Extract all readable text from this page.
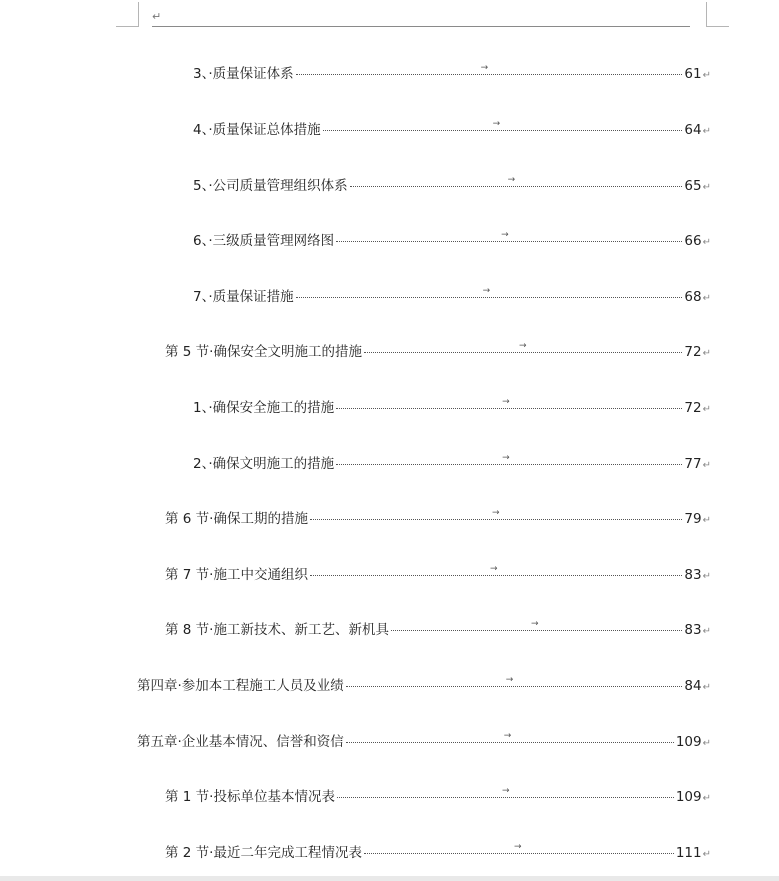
↵
3、·质量保证体系	→	61 ↵
4、·质量保证总体措施	→	64 ↵
5、·公司质量管理组织体系	→	65 ↵
6、·三级质量管理网络图	→	66 ↵
7、·质量保证措施	→	68 ↵
第 5 节·确保安全文明施工的措施	→	72 ↵
1、·确保安全施工的措施	→	72 ↵
2、·确保文明施工的措施	→	77 ↵
第 6 节·确保工期的措施	→	79 ↵
第 7 节·施工中交通组织	→	83 ↵
第 8 节·施工新技术、新工艺、新机具	→	83 ↵
第四章·参加本工程施工人员及业绩	→	84 ↵
第五章·企业基本情况、信誉和资信	→	109 ↵
第 1 节·投标单位基本情况表	→	109 ↵
第 2 节·最近二年完成工程情况表	→	111 ↵
